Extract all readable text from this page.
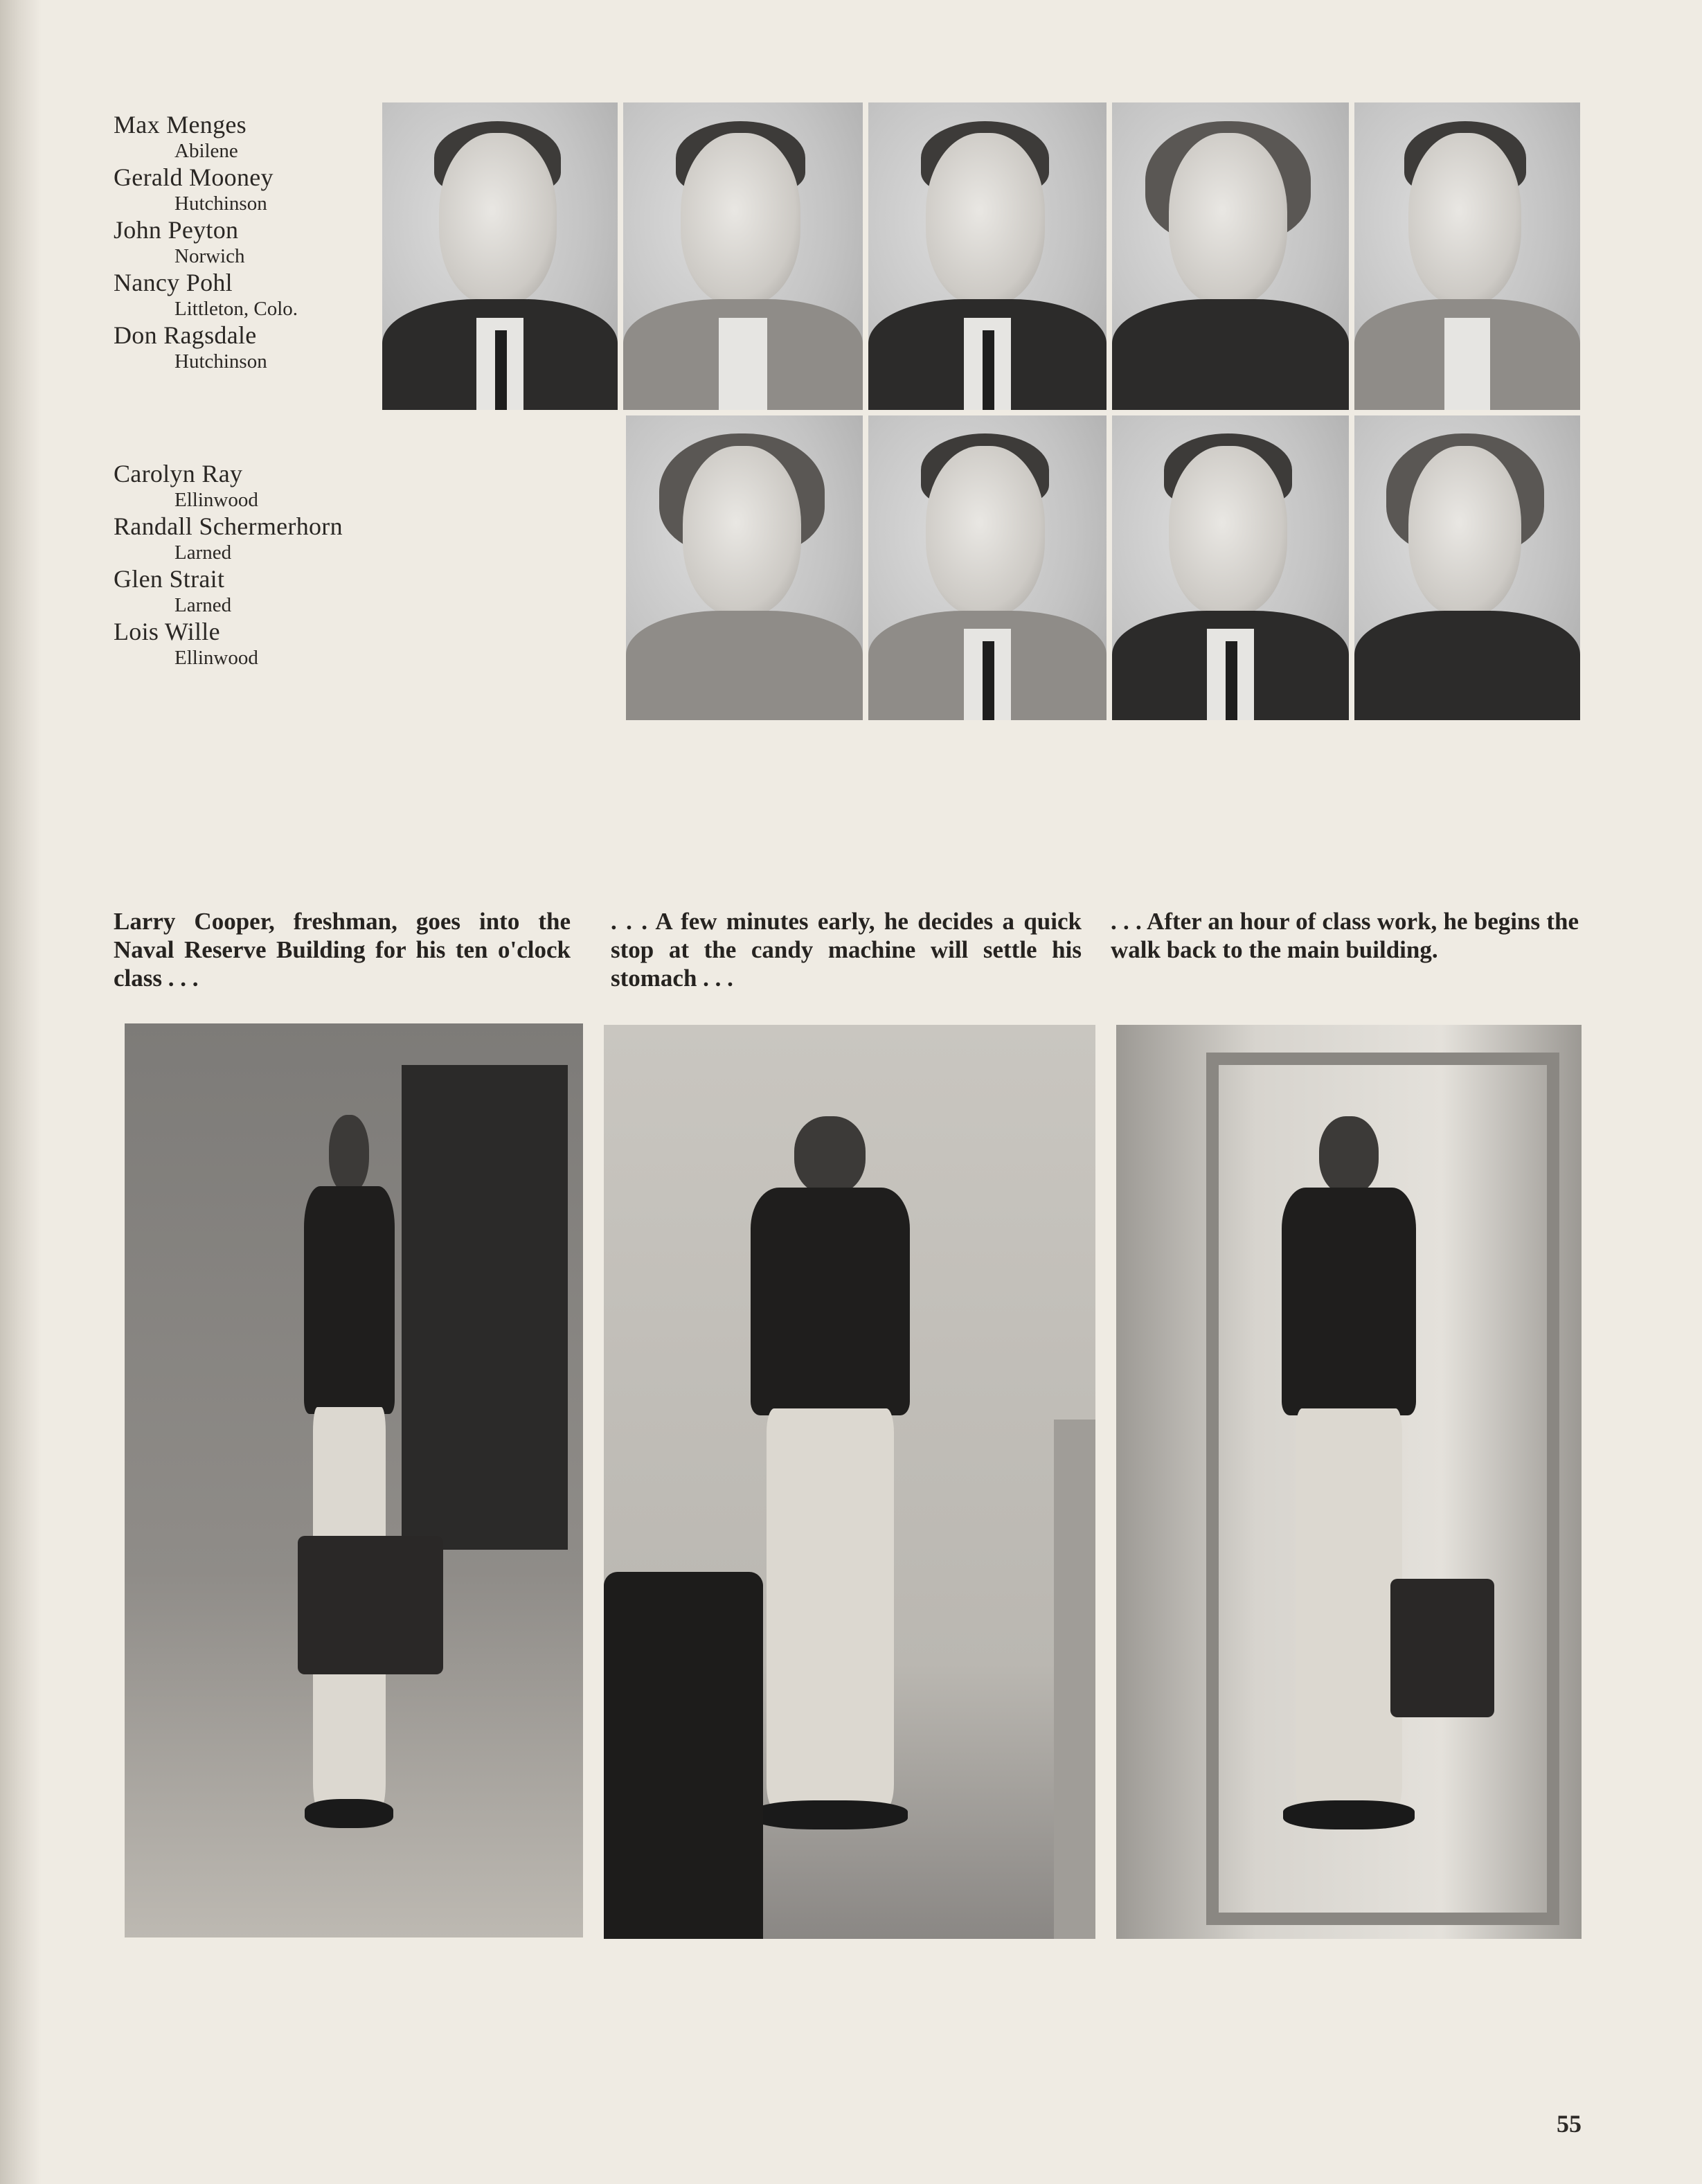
Max Menges
Abilene
Gerald Mooney
Hutchinson
John Peyton
Norwich
Nancy Pohl
Littleton, Colo.
Don Ragsdale
Hutchinson
Carolyn Ray
Ellinwood
Randall Schermerhorn
Larned
Glen Strait
Larned
Lois Wille
Ellinwood

Larry Cooper, freshman, goes into the Naval Reserve Building for his ten o'clock class . . .

. . . A few minutes early, he decides a quick stop at the candy machine will settle his stomach . . .

. . . After an hour of class work, he begins the walk back to the main building.

55
